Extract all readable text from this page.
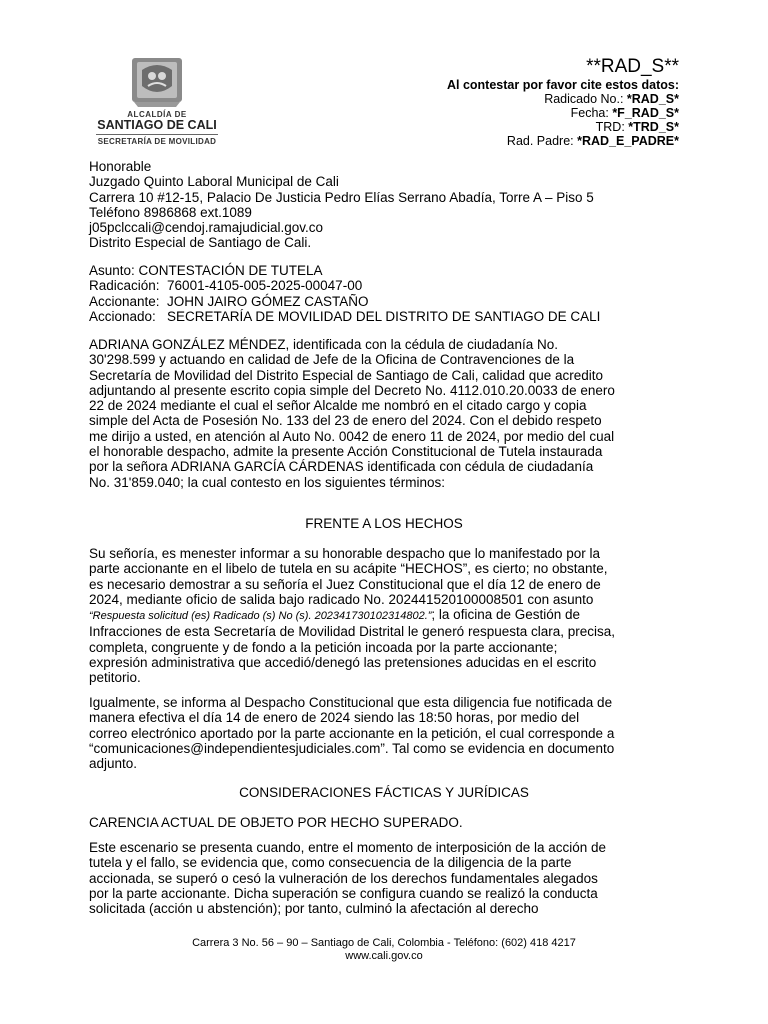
ALCALDÍA DE
SANTIAGO DE CALI
SECRETARÍA DE MOVILIDAD
**RAD_S**
Al contestar por favor cite estos datos:
Radicado No.: *RAD_S*
Fecha: *F_RAD_S*
TRD: *TRD_S*
Rad. Padre: *RAD_E_PADRE*
Honorable
Juzgado Quinto Laboral Municipal de Cali
Carrera 10 #12-15, Palacio De Justicia Pedro Elías Serrano Abadía, Torre A – Piso 5
Teléfono 8986868 ext.1089
j05pclccali@cendoj.ramajudicial.gov.co
Distrito Especial de Santiago de Cali.
Asunto: CONTESTACIÓN DE TUTELA
Radicación:  76001-4105-005-2025-00047-00
Accionante:  JOHN JAIRO GÓMEZ CASTAÑO
Accionado:   SECRETARÍA DE MOVILIDAD DEL DISTRITO DE SANTIAGO DE CALI
ADRIANA GONZÁLEZ MÉNDEZ, identificada con la cédula de ciudadanía No.
30'298.599 y actuando en calidad de Jefe de la Oficina de Contravenciones de la
Secretaría de Movilidad del Distrito Especial de Santiago de Cali, calidad que acredito
adjuntando al presente escrito copia simple del Decreto No. 4112.010.20.0033 de enero
22 de 2024 mediante el cual el señor Alcalde me nombró en el citado cargo y copia
simple del Acta de Posesión No. 133 del 23 de enero del 2024. Con el debido respeto
me dirijo a usted, en atención al Auto No. 0042 de enero 11 de 2024, por medio del cual
el honorable despacho, admite la presente Acción Constitucional de Tutela instaurada
por la señora ADRIANA GARCÍA CÁRDENAS identificada con cédula de ciudadanía
No. 31'859.040; la cual contesto en los siguientes términos:
FRENTE A LOS HECHOS
Su señoría, es menester informar a su honorable despacho que lo manifestado por la
parte accionante en el libelo de tutela en su acápite “HECHOS”, es cierto; no obstante,
es necesario demostrar a su señoría el Juez Constitucional que el día 12 de enero de
2024, mediante oficio de salida bajo radicado No. 202441520100008501 con asunto
“Respuesta solicitud (es) Radicado (s) No (s). 202341730102314802.”; la oficina de Gestión de
Infracciones de esta Secretaría de Movilidad Distrital le generó respuesta clara, precisa,
completa, congruente y de fondo a la petición incoada por la parte accionante;
expresión administrativa que accedió/denegó las pretensiones aducidas en el escrito
petitorio.
Igualmente, se informa al Despacho Constitucional que esta diligencia fue notificada de
manera efectiva el día 14 de enero de 2024 siendo las 18:50 horas, por medio del
correo electrónico aportado por la parte accionante en la petición, el cual corresponde a
“comunicaciones@independientesjudiciales.com”. Tal como se evidencia en documento
adjunto.
CONSIDERACIONES FÁCTICAS Y JURÍDICAS
CARENCIA ACTUAL DE OBJETO POR HECHO SUPERADO.
Este escenario se presenta cuando, entre el momento de interposición de la acción de
tutela y el fallo, se evidencia que, como consecuencia de la diligencia de la parte
accionada, se superó o cesó la vulneración de los derechos fundamentales alegados
por la parte accionante. Dicha superación se configura cuando se realizó la conducta
solicitada (acción u abstención); por tanto, culminó la afectación al derecho
Carrera 3 No. 56 – 90 – Santiago de Cali, Colombia - Teléfono: (602) 418 4217
www.cali.gov.co
